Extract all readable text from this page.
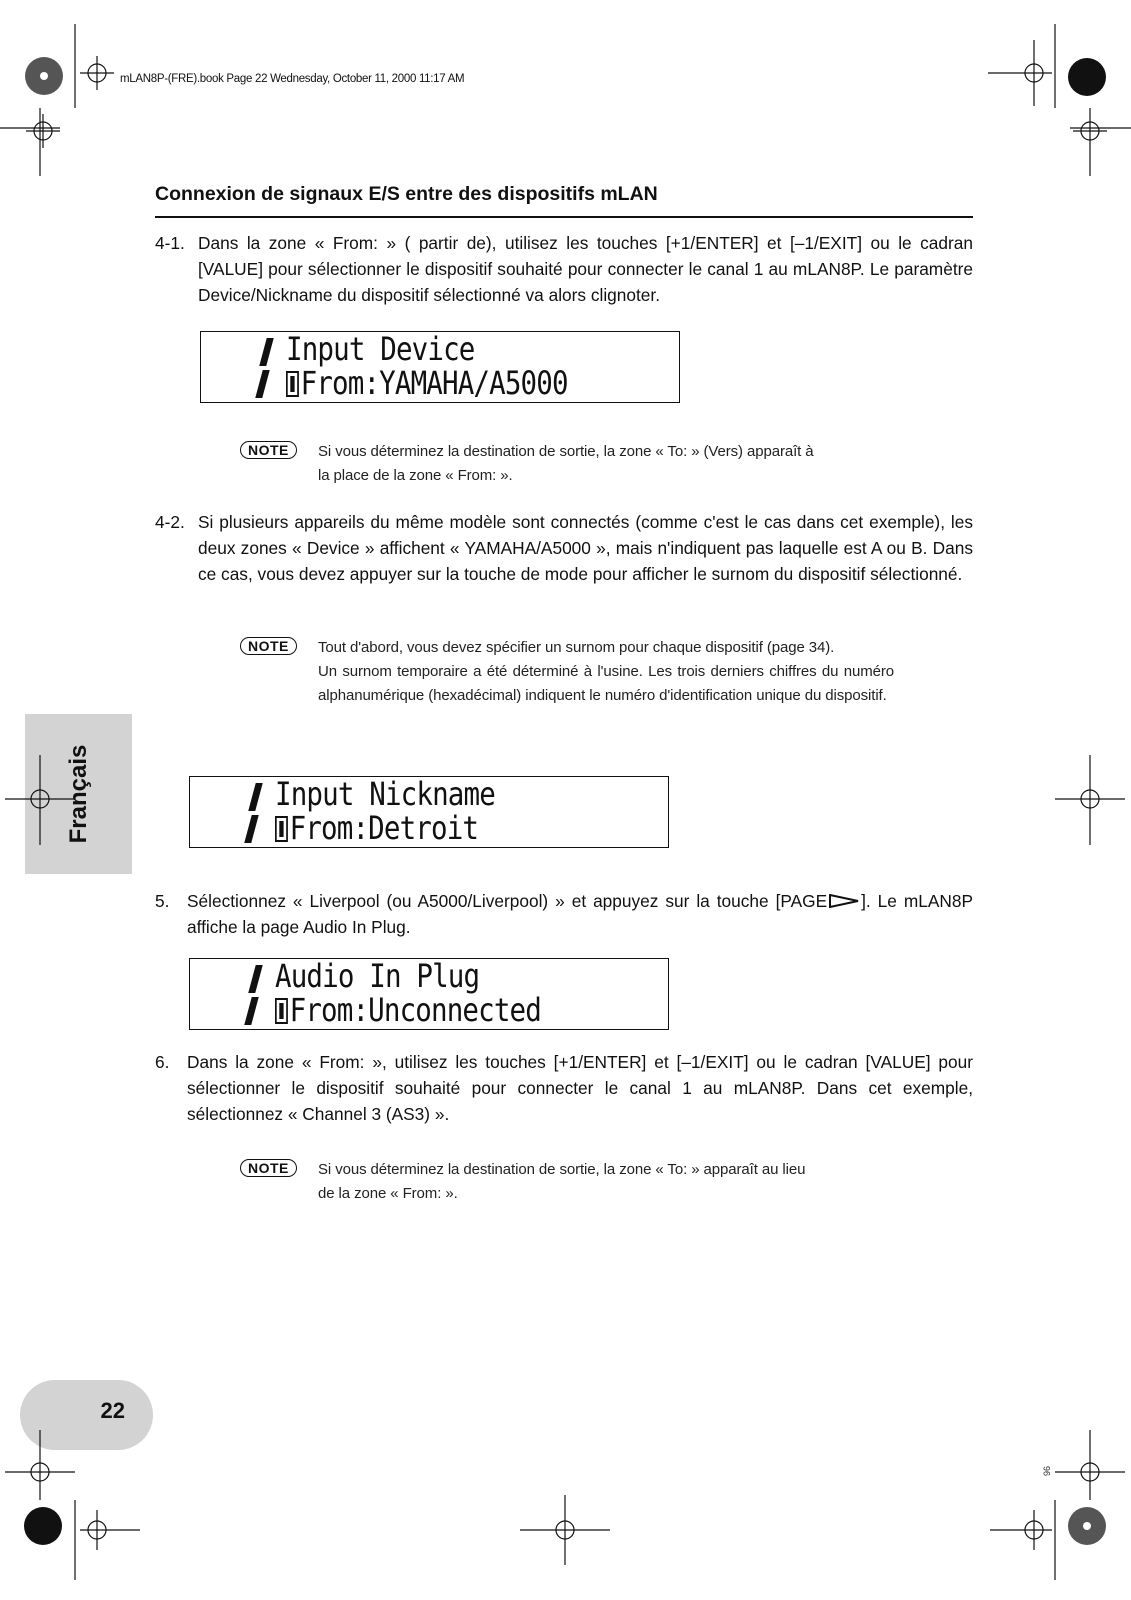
mLAN8P-(FRE).book Page 22 Wednesday, October 11, 2000 11:17 AM
Connexion de signaux E/S entre des dispositifs mLAN
4-1. Dans la zone « From: » ( partir de), utilisez les touches [+1/ENTER] et [–1/EXIT] ou le cadran [VALUE] pour sélectionner le dispositif souhaité pour connecter le canal 1 au mLAN8P. Le paramètre Device/Nickname du dispositif sélectionné va alors clignoter.
Input Device
From:YAMAHA/A5000
NOTE	Si vous déterminez la destination de sortie, la zone « To: » (Vers) apparaît à
la place de la zone « From: ».
4-2. Si plusieurs appareils du même modèle sont connectés (comme c'est le cas dans cet exemple), les deux zones « Device » affichent « YAMAHA/A5000 », mais n'indiquent pas laquelle est A ou B. Dans ce cas, vous devez appuyer sur la touche de mode pour afficher le surnom du dispositif sélectionné.
NOTE	Tout d'abord, vous devez spécifier un surnom pour chaque dispositif (page 34).
Un surnom temporaire a été déterminé à l'usine. Les trois derniers chiffres du numéro alphanumérique (hexadécimal) indiquent le numéro d'identification unique du dispositif.
Input Nickname
From:Detroit
5. Sélectionnez « Liverpool (ou A5000/Liverpool) » et appuyez sur la touche [PAGE ]. Le mLAN8P affiche la page Audio In Plug.
Audio In Plug
From:Unconnected
6. Dans la zone « From: », utilisez les touches [+1/ENTER] et [–1/EXIT] ou le cadran [VALUE] pour sélectionner le dispositif souhaité pour connecter le canal 1 au mLAN8P. Dans cet exemple, sélectionnez « Channel 3 (AS3) ».
NOTE	Si vous déterminez la destination de sortie, la zone « To: » apparaît au lieu
de la zone « From: ».
Français
22
96
